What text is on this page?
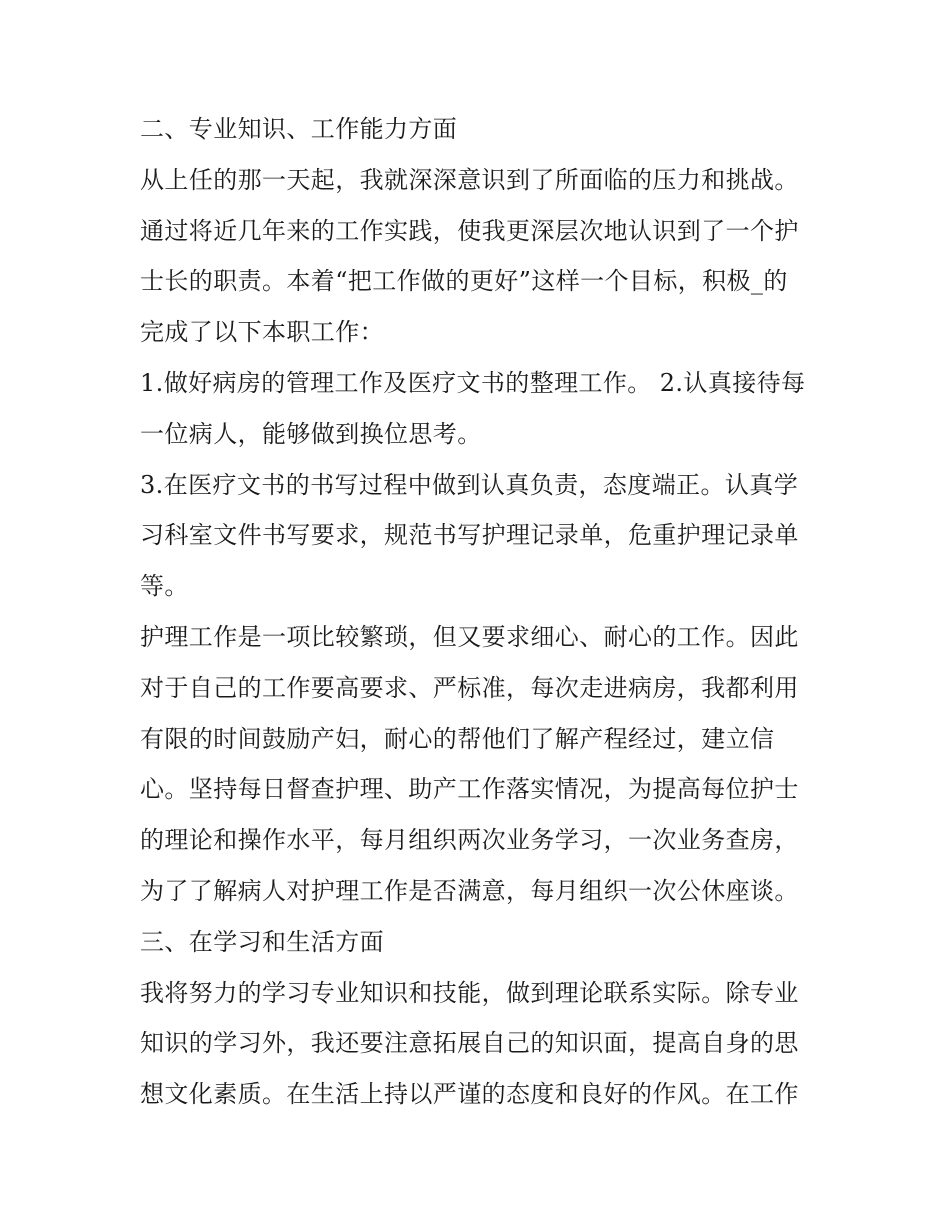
二、专业知识、工作能力方面
从上任的那一天起，我就深深意识到了所面临的压力和挑战。
通过将近几年来的工作实践，使我更深层次地认识到了一个护
士长的职责。本着“把工作做的更好”这样一个目标，积极_的
完成了以下本职工作：
1.做好病房的管理工作及医疗文书的整理工作。 2.认真接待每
一位病人，能够做到换位思考。
3.在医疗文书的书写过程中做到认真负责，态度端正。认真学
习科室文件书写要求，规范书写护理记录单，危重护理记录单
等。
护理工作是一项比较繁琐，但又要求细心、耐心的工作。因此
对于自己的工作要高要求、严标准，每次走进病房，我都利用
有限的时间鼓励产妇，耐心的帮他们了解产程经过，建立信
心。坚持每日督查护理、助产工作落实情况，为提高每位护士
的理论和操作水平，每月组织两次业务学习，一次业务查房，
为了了解病人对护理工作是否满意，每月组织一次公休座谈。
三、在学习和生活方面
我将努力的学习专业知识和技能，做到理论联系实际。除专业
知识的学习外，我还要注意拓展自己的知识面，提高自身的思
想文化素质。在生活上持以严谨的态度和良好的作风。在工作
